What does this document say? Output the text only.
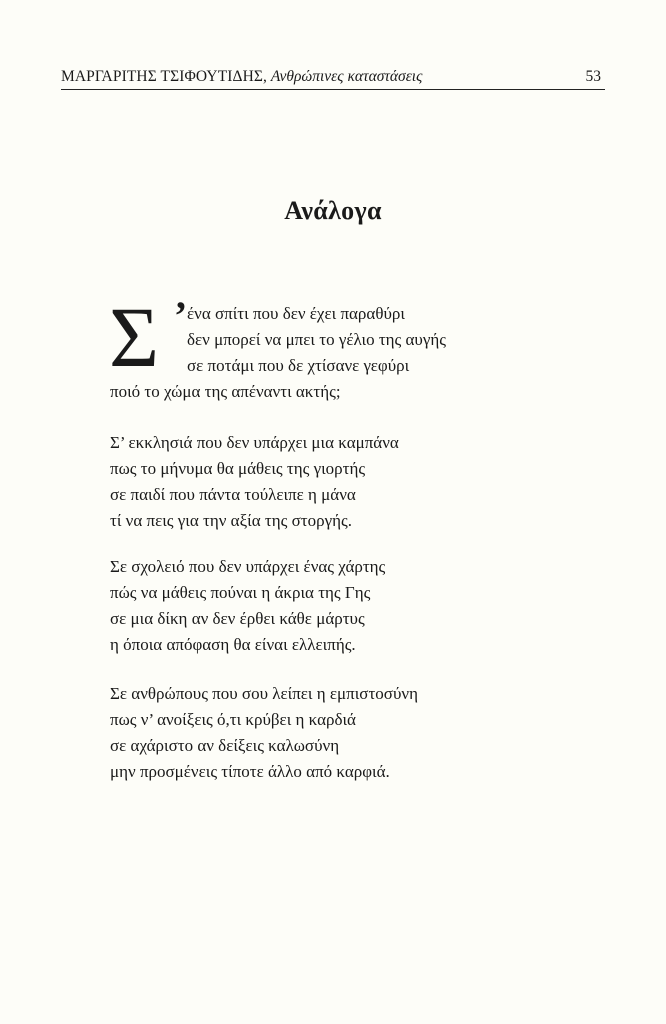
ΜΑΡΓΑΡΙΤΗΣ ΤΣΙΦΟΥΤΙΔΗΣ, Ανθρώπινες καταστάσεις	53
Ανάλογα
Σ ’ ένα σπίτι που δεν έχει παραθύρι
δεν μπορεί να μπει το γέλιο της αυγής
σε ποτάμι που δε χτίσανε γεφύρι
ποιό το χώμα της απέναντι ακτής;
Σ’ εκκλησιά που δεν υπάρχει μια καμπάνα
πως το μήνυμα θα μάθεις της γιορτής
σε παιδί που πάντα τούλειπε η μάνα
τί να πεις για την αξία της στοργής.
Σε σχολειό που δεν υπάρχει ένας χάρτης
πώς να μάθεις πούναι η άκρια της Γης
σε μια δίκη αν δεν έρθει κάθε μάρτυς
η όποια απόφαση θα είναι ελλειπής.
Σε ανθρώπους που σου λείπει η εμπιστοσύνη
πως ν’ ανοίξεις ό,τι κρύβει η καρδιά
σε αχάριστο αν δείξεις καλωσύνη
μην προσμένεις τίποτε άλλο από καρφιά.
